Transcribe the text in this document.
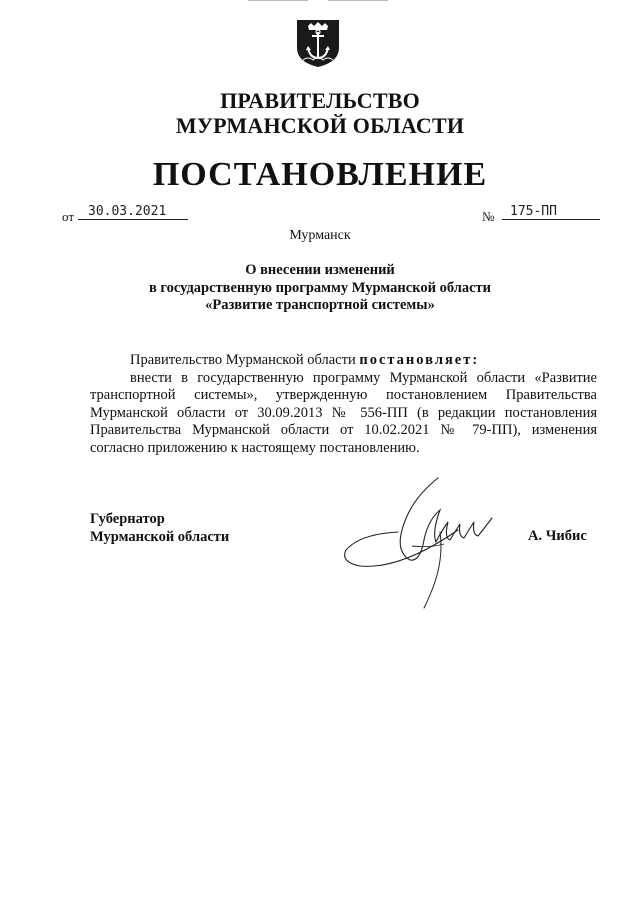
ПРАВИТЕЛЬСТВО
МУРМАНСКОЙ ОБЛАСТИ
ПОСТАНОВЛЕНИЕ
от	30.03.2021	№	175-ПП
Мурманск
О внесении изменений
в государственную программу Мурманской области
«Развитие транспортной системы»

Правительство Мурманской области постановляет:

внести в государственную программу Мурманской области «Развитие транспортной системы», утвержденную постановлением Правительства Мурманской области от 30.09.2013 № 556-ПП (в редакции постановления Правительства Мурманской области от 10.02.2021 № 79-ПП), изменения согласно приложению к настоящему постановлению.

Губернатор
Мурманской области	А. Чибис
